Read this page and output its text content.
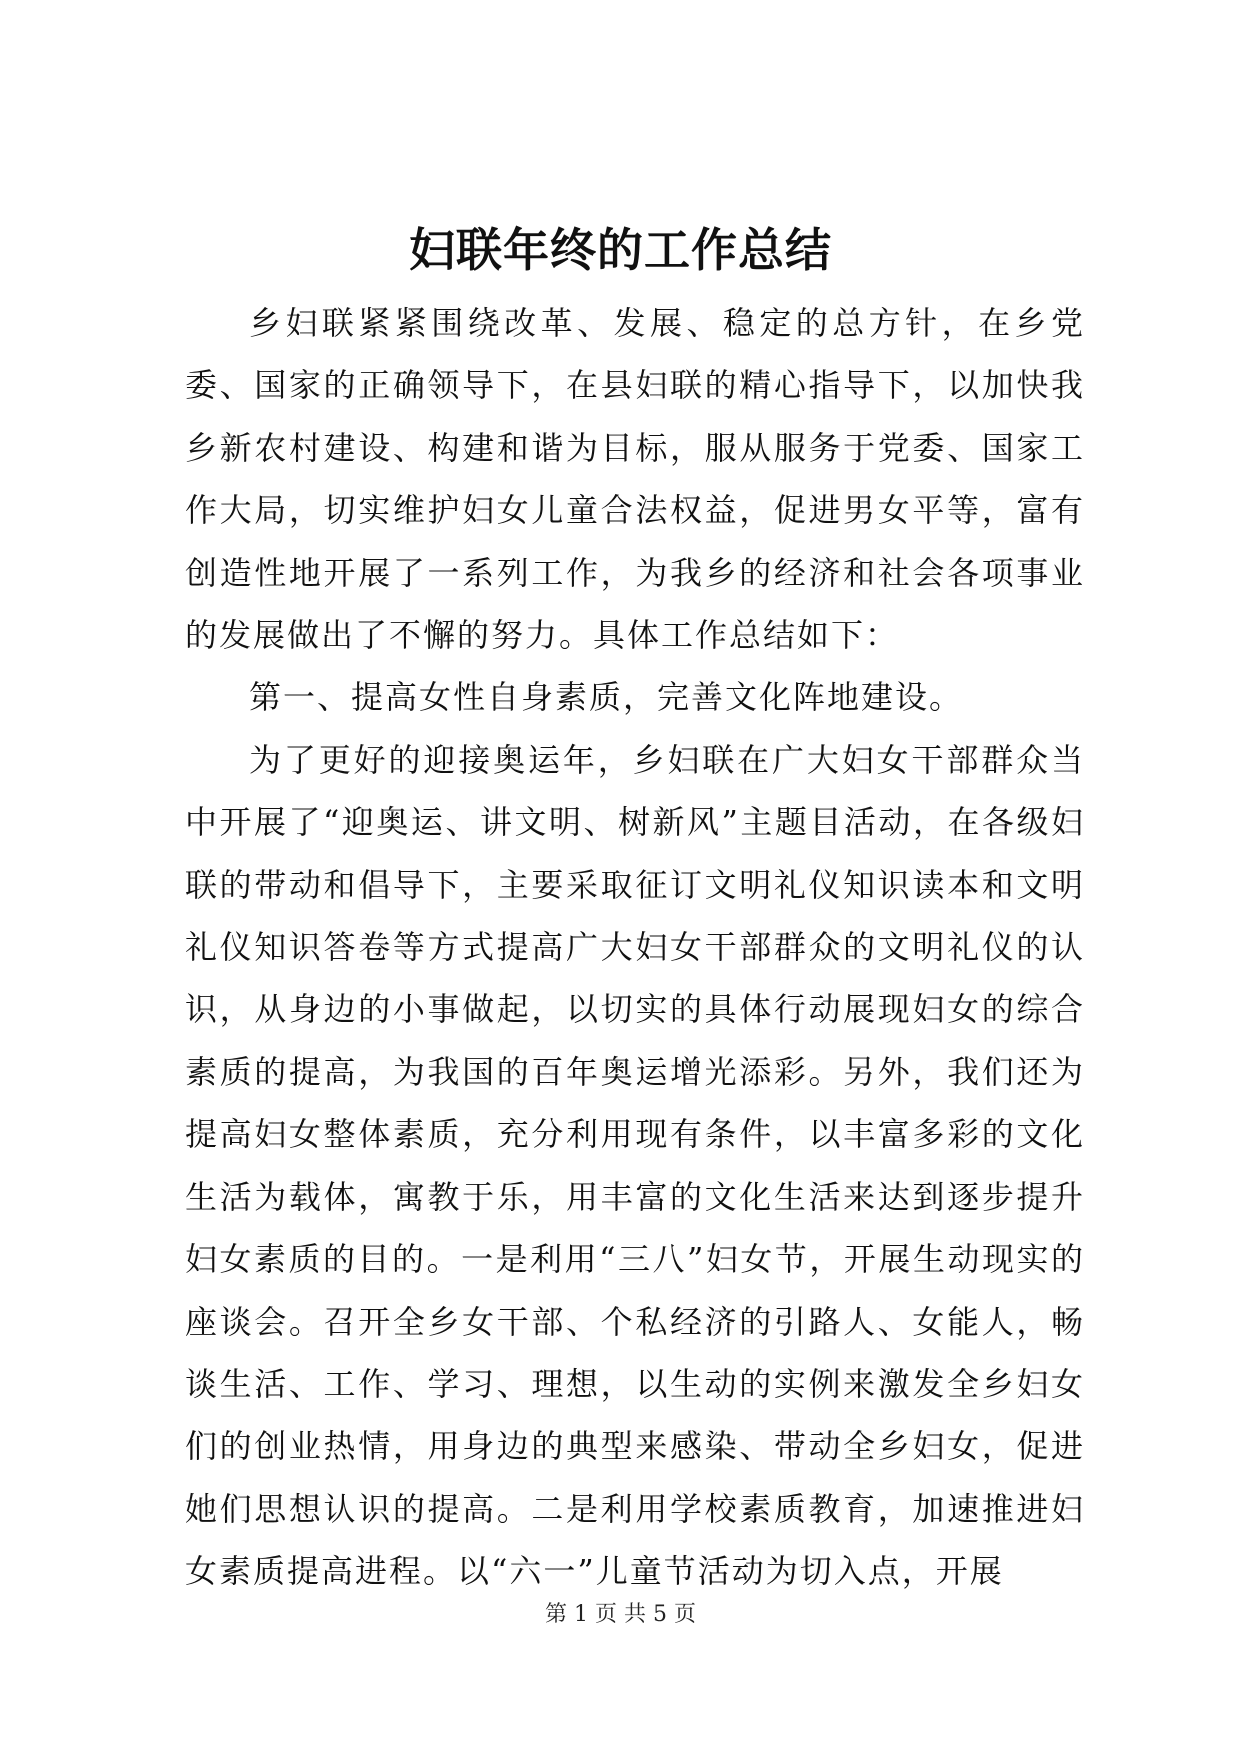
妇联年终的工作总结

乡妇联紧紧围绕改革、发展、稳定的总方针，在乡党委、国家的正确领导下，在县妇联的精心指导下，以加快我乡新农村建设、构建和谐为目标，服从服务于党委、国家工作大局，切实维护妇女儿童合法权益，促进男女平等，富有创造性地开展了一系列工作，为我乡的经济和社会各项事业的发展做出了不懈的努力。具体工作总结如下：

第一、提高女性自身素质，完善文化阵地建设。

为了更好的迎接奥运年，乡妇联在广大妇女干部群众当中开展了“迎奥运、讲文明、树新风”主题目活动，在各级妇联的带动和倡导下，主要采取征订文明礼仪知识读本和文明礼仪知识答卷等方式提高广大妇女干部群众的文明礼仪的认识，从身边的小事做起，以切实的具体行动展现妇女的综合素质的提高，为我国的百年奥运增光添彩。另外，我们还为提高妇女整体素质，充分利用现有条件，以丰富多彩的文化生活为载体，寓教于乐，用丰富的文化生活来达到逐步提升妇女素质的目的。一是利用“三八”妇女节，开展生动现实的座谈会。召开全乡女干部、个私经济的引路人、女能人，畅谈生活、工作、学习、理想，以生动的实例来激发全乡妇女们的创业热情，用身边的典型来感染、带动全乡妇女，促进她们思想认识的提高。二是利用学校素质教育，加速推进妇女素质提高进程。以“六一”儿童节活动为切入点，开展

第 1 页 共 5 页
